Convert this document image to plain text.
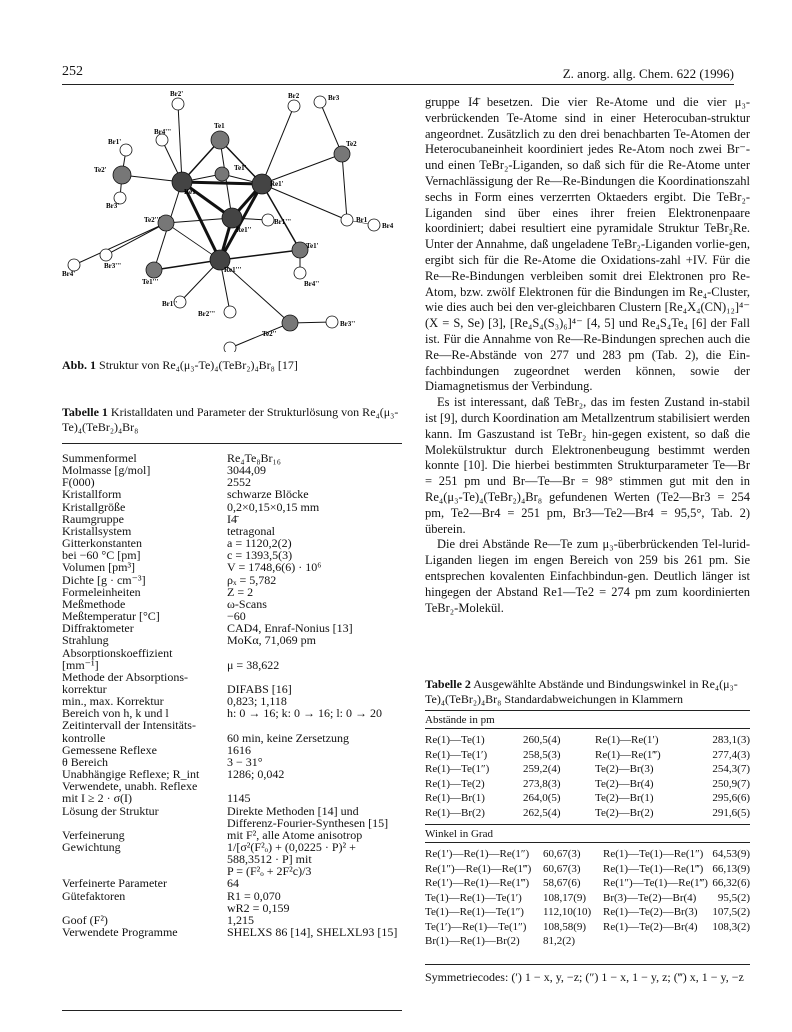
252	Z. anorg. allg. Chem. 622 (1996)
Br2'	Br2	Br3
Br4'''
Te1
Te2
Br1'
Te2'
Re1
Te1'
Re1'
Br1
Br4
Br3'
Te2'''
Re1''
Br1'''
Br4'
Br3'''	Re1'''
Te1'
Te1'''	Br4''
Br1''
Br2'''
Te2''
Br3''
Abb. 1 Struktur von Re₄(μ₃-Te)₄(TeBr₂)₄Br₈ [17]
Tabelle 1 Kristalldaten und Parameter der Strukturlösung von Re₄(μ₃-Te)₄(TeBr₂)₄Br₈
Summenformel	Re₄Te₈Br₁₆
Molmasse [g/mol]	3044,09
F(000)	2552
Kristallform	schwarze Blöcke
Kristallgröße	0,2×0,15×0,15 mm
Raumgruppe	I4̄
Kristallsystem	tetragonal
Gitterkonstanten	a = 1120,2(2)
bei −60 °C [pm]	c = 1393,5(3)
Volumen [pm³]	V = 1748,6(6) · 10⁶
Dichte [g · cm⁻³]	ρₓ = 5,782
Formeleinheiten	Z = 2
Meßmethode	ω-Scans
Meßtemperatur [°C]	−60
Diffraktometer	CAD4, Enraf-Nonius [13]
Strahlung	MoKα, 71,069 pm
Absorptionskoeffizient
[mm⁻¹]	μ = 38,622
Methode der Absorptions-
korrektur	DIFABS [16]
min., max. Korrektur	0,823; 1,118
Bereich von h, k und l	h: 0 → 16; k: 0 → 16; l: 0 → 20
Zeitintervall der Intensitäts-
kontrolle	60 min, keine Zersetzung
Gemessene Reflexe	1616
θ Bereich	3 − 31°
Unabhängige Reflexe; R_int	1286; 0,042
Verwendete, unabh. Reflexe
mit I ≥ 2 · σ(I)	1145
Lösung der Struktur	Direkte Methoden [14] und
Differenz-Fourier-Synthesen [15]
Verfeinerung	mit F², alle Atome anisotrop
Gewichtung	1/[σ²(F²ₒ) + (0,0225 · P)² +
588,3512 · P] mit
P = (F²ₒ + 2F²c)/3
Verfeinerte Parameter	64
Gütefaktoren	R1 = 0,070
wR2 = 0,159
Goof (F²)	1,215
Verwendete Programme	SHELXS 86 [14], SHELXL93 [15]

gruppe I4̄ besetzen. Die vier Re-Atome und die vier μ₃-verbrückenden Te-Atome sind in einer Heterocuban-struktur angeordnet. Zusätzlich zu den drei benachbarten Te-Atomen der Heterocubaneinheit koordiniert jedes Re-Atom noch zwei Br⁻- und einen TeBr₂-Liganden, so daß sich für die Re-Atome unter Vernachlässigung der Re—Re-Bindungen die Koordinationszahl sechs in Form eines verzerrten Oktaeders ergibt. Die TeBr₂-Liganden sind über eines ihrer freien Elektronenpaare koordiniert; dabei resultiert eine pyramidale Struktur TeBr₂Re. Unter der Annahme, daß ungeladene TeBr₂-Liganden vorlie-gen, ergibt sich für die Re-Atome die Oxidations-zahl +IV. Für die Re—Re-Bindungen verbleiben somit drei Elektronen pro Re-Atom, bzw. zwölf Elektronen für die Bindungen im Re₄-Cluster, wie dies auch bei den ver-gleichbaren Clustern [Re₄X₄(CN)₁₂]⁴⁻ (X = S, Se) [3], [Re₄S₄(S₃)₆]⁴⁻ [4, 5] und Re₄S₄Te₄ [6] der Fall ist. Für die Annahme von Re—Re-Bindungen sprechen auch die Re—Re-Abstände von 277 und 283 pm (Tab. 2), die Ein-fachbindungen zugeordnet werden können, sowie der Diamagnetismus der Verbindung.

Es ist interessant, daß TeBr₂, das im festen Zustand in-stabil ist [9], durch Koordination am Metallzentrum stabilisiert werden kann. Im Gaszustand ist TeBr₂ hin-gegen existent, so daß die Molekülstruktur durch Elektronenbeugung bestimmt werden konnte [10]. Die hierbei bestimmten Strukturparameter Te—Br = 251 pm und Br—Te—Br = 98° stimmen gut mit den in Re₄(μ₃-Te)₄(TeBr₂)₄Br₈ gefundenen Werten (Te2—Br3 = 254 pm, Te2—Br4 = 251 pm, Br3—Te2—Br4 = 95,5°, Tab. 2) überein.

Die drei Abstände Re—Te zum μ₃-überbrückenden Tel-lurid-Liganden liegen im engen Bereich von 259 bis 261 pm. Sie entsprechen kovalenten Einfachbindun-gen. Deutlich länger ist hingegen der Abstand Re1—Te2 = 274 pm zum koordinierten TeBr₂-Molekül.

Tabelle 2 Ausgewählte Abstände und Bindungswinkel in Re₄(μ₃-Te)₄(TeBr₂)₄Br₈ Standardabweichungen in Klammern
Abstände in pm
Re(1)—Te(1)	260,5(4)	Re(1)—Re(1′)	283,1(3)
Re(1)—Te(1′)	258,5(3)	Re(1)—Re(1‴)	277,4(3)
Re(1)—Te(1″)	259,2(4)	Te(2)—Br(3)	254,3(7)
Re(1)—Te(2)	273,8(3)	Te(2)—Br(4)	250,9(7)
Re(1)—Br(1)	264,0(5)	Te(2)—Br(1)	295,6(6)
Re(1)—Br(2)	262,5(4)	Te(2)—Br(2)	291,6(5)
Winkel in Grad
Re(1′)—Re(1)—Re(1″)	60,67(3)	Re(1)—Te(1)—Re(1″) 64,53(9)
Re(1″)—Re(1)—Re(1‴)	60,67(3)	Re(1)—Te(1)—Re(1‴) 66,13(9)
Re(1′)—Re(1)—Re(1‴)	58,67(6)	Re(1″)—Te(1)—Re(1‴) 66,32(6)
Te(1)—Re(1)—Te(1′)	108,17(9)	Br(3)—Te(2)—Br(4)	95,5(2)
Te(1)—Re(1)—Te(1″)	112,10(10)	Re(1)—Te(2)—Br(3)	107,5(2)
Te(1′)—Re(1)—Te(1″)	108,58(9)	Re(1)—Te(2)—Br(4)	108,3(2)
Br(1)—Re(1)—Br(2)	81,2(2)
Symmetriecodes: (′) 1 − x, y, −z; (″) 1 − x, 1 − y, z; (‴) x, 1 − y, −z
